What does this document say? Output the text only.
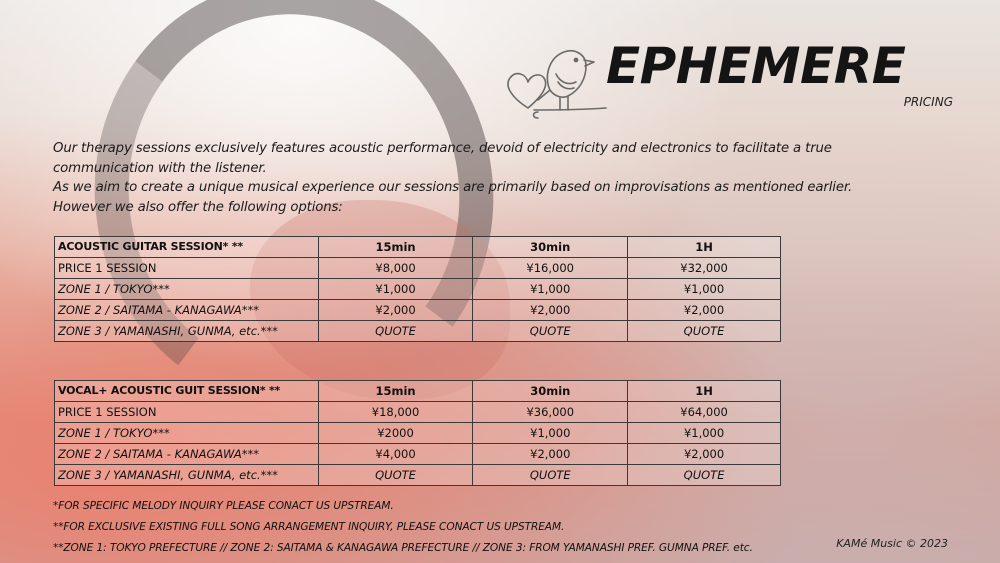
EPHEMERE
PRICING

Our therapy sessions exclusively features acoustic performance, devoid of electricity and electronics to facilitate a true communication with the listener.

As we aim to create a unique musical experience our sessions are primarily based on improvisations as mentioned earlier.

However we also offer the following options:

ACOUSTIC GUITAR SESSION* **	15min	30min	1H
PRICE 1 SESSION	¥8,000	¥16,000	¥32,000
ZONE 1 / TOKYO***	¥1,000	¥1,000	¥1,000
ZONE 2 / SAITAMA - KANAGAWA***	¥2,000	¥2,000	¥2,000
ZONE 3 / YAMANASHI, GUNMA, etc.***	QUOTE	QUOTE	QUOTE
VOCAL+ ACOUSTIC GUIT SESSION* **	15min	30min	1H
PRICE 1 SESSION	¥18,000	¥36,000	¥64,000
ZONE 1 / TOKYO***	¥2000	¥1,000	¥1,000
ZONE 2 / SAITAMA - KANAGAWA***	¥4,000	¥2,000	¥2,000
ZONE 3 / YAMANASHI, GUNMA, etc.***	QUOTE	QUOTE	QUOTE
*FOR SPECIFIC MELODY INQUIRY PLEASE CONACT US UPSTREAM.
**FOR EXCLUSIVE EXISTING FULL SONG ARRANGEMENT INQUIRY, PLEASE CONACT US UPSTREAM.
**ZONE 1: TOKYO PREFECTURE // ZONE 2: SAITAMA & KANAGAWA PREFECTURE // ZONE 3: FROM YAMANASHI PREF. GUMNA PREF. etc.	KAMé Music © 2023
